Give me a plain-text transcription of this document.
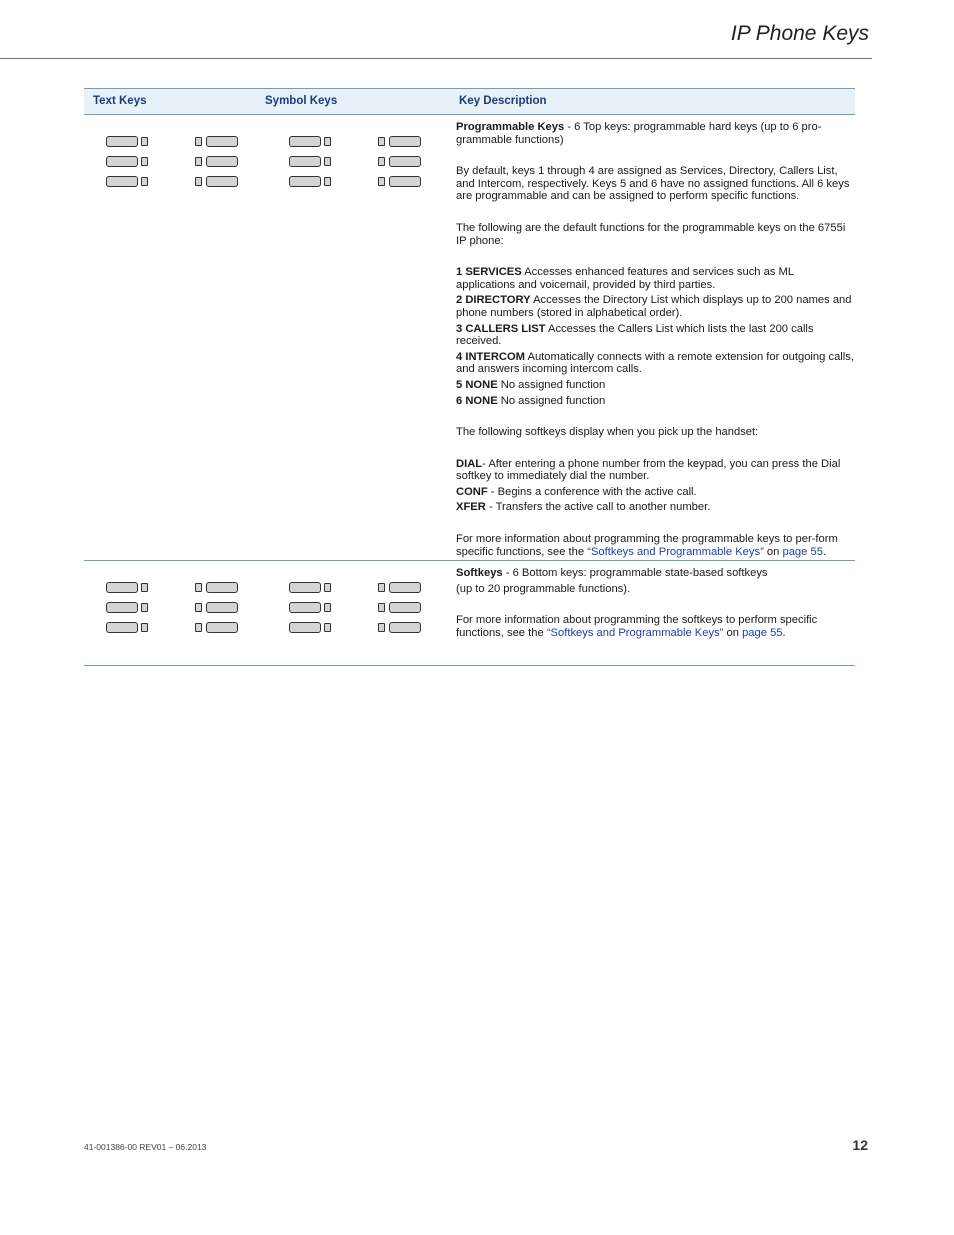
IP Phone Keys
Text Keys	Symbol Keys	Key Description

Programmable Keys - 6 Top keys: programmable hard keys (up to 6 pro-grammable functions)

By default, keys 1 through 4 are assigned as Services, Directory, Callers List, and Intercom, respectively. Keys 5 and 6 have no assigned functions. All 6 keys are programmable and can be assigned to perform specific functions.

The following are the default functions for the programmable keys on the 6755i IP phone:

1 SERVICES Accesses enhanced features and services such as ML applications and voicemail, provided by third parties.

2 DIRECTORY Accesses the Directory List which displays up to 200 names and phone numbers (stored in alphabetical order).

3 CALLERS LIST Accesses the Callers List which lists the last 200 calls received.

4 INTERCOM Automatically connects with a remote extension for outgoing calls, and answers incoming intercom calls.

5 NONE No assigned function

6 NONE No assigned function

The following softkeys display when you pick up the handset:

DIAL- After entering a phone number from the keypad, you can press the Dial softkey to immediately dial the number.

CONF - Begins a conference with the active call.

XFER - Transfers the active call to another number.

For more information about programming the programmable keys to per-form specific functions, see the “Softkeys and Programmable Keys” on page 55.

Softkeys - 6 Bottom keys: programmable state-based softkeys

(up to 20 programmable functions).

For more information about programming the softkeys to perform specific functions, see the “Softkeys and Programmable Keys” on page 55.

41-001386-00 REV01 – 06.2013	12
